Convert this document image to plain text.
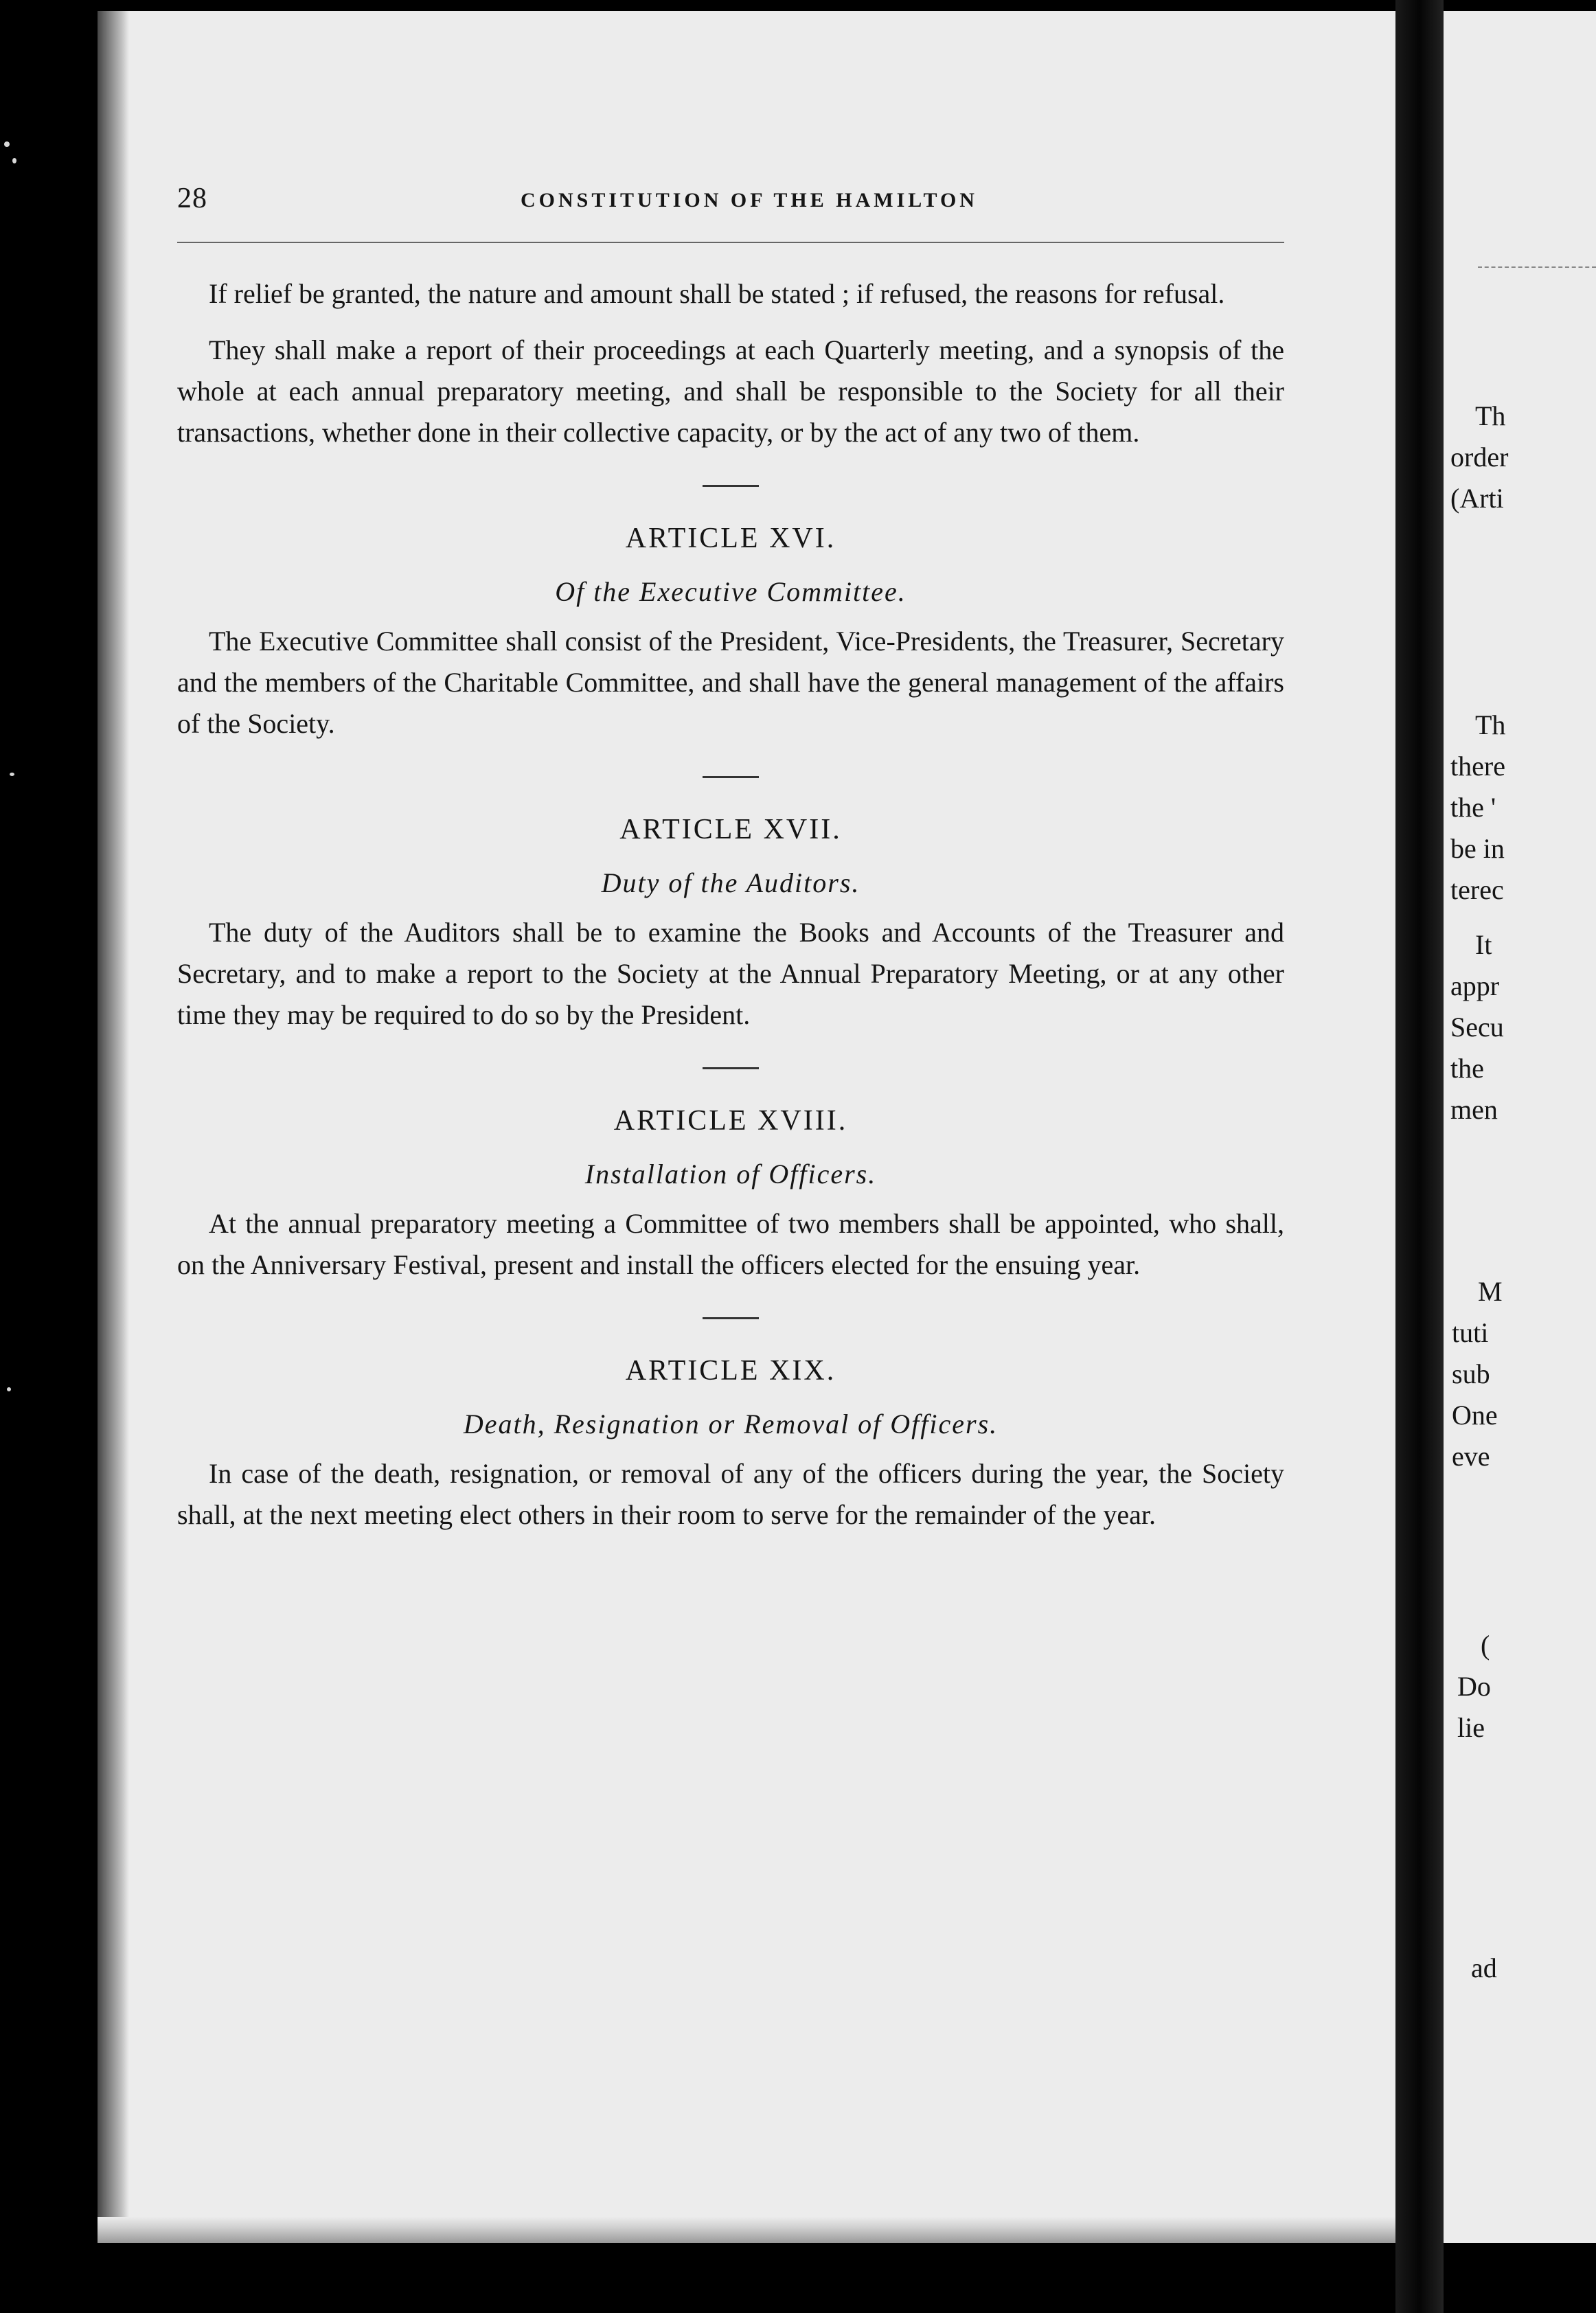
28	CONSTITUTION OF THE HAMILTON

If relief be granted, the nature and amount shall be stated ; if refused, the reasons for refusal.

They shall make a report of their proceedings at each Quarterly meeting, and a synopsis of the whole at each annual preparatory meeting, and shall be responsible to the Society for all their transactions, whether done in their collective capacity, or by the act of any two of them.

ARTICLE XVI.

Of the Executive Committee.

The Executive Committee shall consist of the President, Vice-Presidents, the Treasurer, Secretary and the members of the Charitable Committee, and shall have the general management of the affairs of the Society.

ARTICLE XVII.

Duty of the Auditors.

The duty of the Auditors shall be to examine the Books and Accounts of the Treasurer and Secretary, and to make a report to the Society at the Annual Preparatory Meeting, or at any other time they may be required to do so by the President.

ARTICLE XVIII.

Installation of Officers.

At the annual preparatory meeting a Committee of two members shall be appointed, who shall, on the Anniversary Festival, present and install the officers elected for the ensuing year.

ARTICLE XIX.

Death, Resignation or Removal of Officers.

In case of the death, resignation, or removal of any of the officers during the year, the Society shall, at the next meeting elect others in their room to serve for the remainder of the year.

Th
order
(Arti
Th
there
the '
be in
terec
It
appr
Secu
the
men
M
tuti
sub
One
eve
(
Do
lie
ad
